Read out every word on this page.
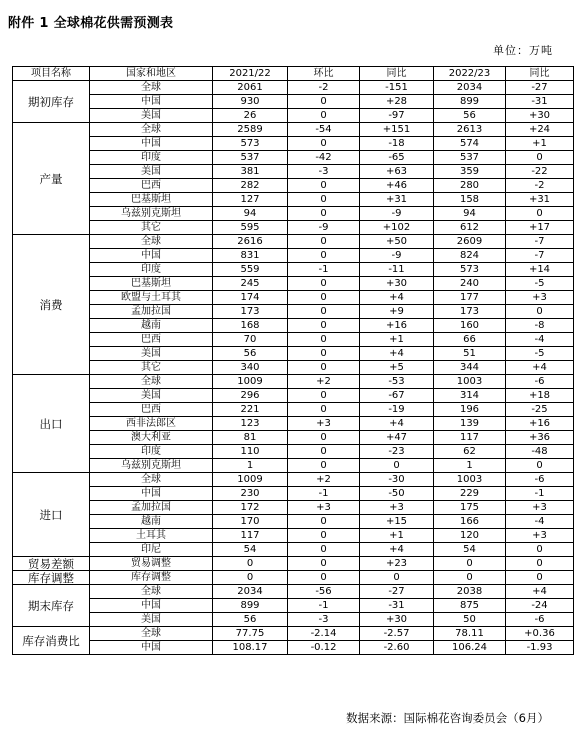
附件 1 全球棉花供需预测表
单位：万吨
项目名称	国家和地区	2021/22	环比	同比	2022/23	同比
期初库存	全球	2061	-2	-151	2034	-27
	中国	930	0	+28	899	-31
	美国	26	0	-97	56	+30
产量	全球	2589	-54	+151	2613	+24
	中国	573	0	-18	574	+1
	印度	537	-42	-65	537	0
	美国	381	-3	+63	359	-22
	巴西	282	0	+46	280	-2
	巴基斯坦	127	0	+31	158	+31
	乌兹别克斯坦	94	0	-9	94	0
	其它	595	-9	+102	612	+17
消费	全球	2616	0	+50	2609	-7
	中国	831	0	-9	824	-7
	印度	559	-1	-11	573	+14
	巴基斯坦	245	0	+30	240	-5
	欧盟与土耳其	174	0	+4	177	+3
	孟加拉国	173	0	+9	173	0
	越南	168	0	+16	160	-8
	巴西	70	0	+1	66	-4
	美国	56	0	+4	51	-5
	其它	340	0	+5	344	+4
出口	全球	1009	+2	-53	1003	-6
	美国	296	0	-67	314	+18
	巴西	221	0	-19	196	-25
	西非法郎区	123	+3	+4	139	+16
	澳大利亚	81	0	+47	117	+36
	印度	110	0	-23	62	-48
	乌兹别克斯坦	1	0	0	1	0
进口	全球	1009	+2	-30	1003	-6
	中国	230	-1	-50	229	-1
	孟加拉国	172	+3	+3	175	+3
	越南	170	0	+15	166	-4
	土耳其	117	0	+1	120	+3
	印尼	54	0	+4	54	0
贸易差额	贸易调整	0	0	+23	0	0
库存调整	库存调整	0	0	0	0	0
期末库存	全球	2034	-56	-27	2038	+4
	中国	899	-1	-31	875	-24
	美国	56	-3	+30	50	-6
库存消费比	全球	77.75	-2.14	-2.57	78.11	+0.36
	中国	108.17	-0.12	-2.60	106.24	-1.93
数据来源：国际棉花咨询委员会（6月）
